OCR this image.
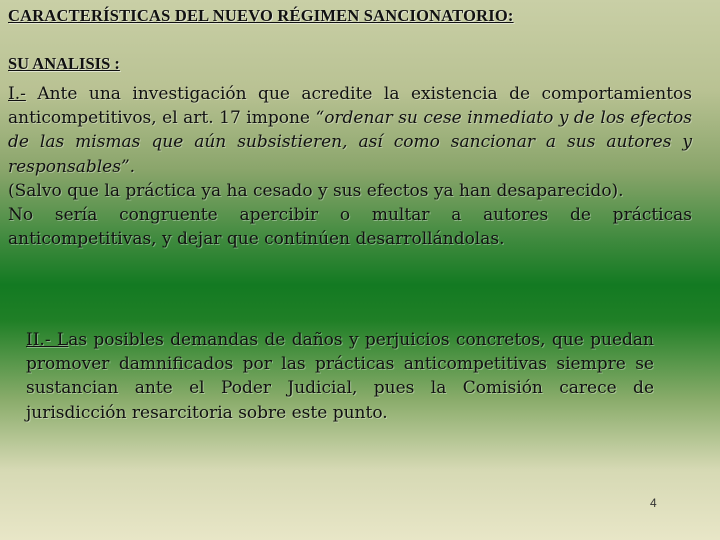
CARACTERÍSTICAS DEL NUEVO RÉGIMEN SANCIONATORIO:
SU ANALISIS :

I.- Ante una investigación que acredite la existencia de comportamientos anticompetitivos, el art. 17 impone “ordenar su cese inmediato y de los efectos de las mismas que aún subsistieren, así como sancionar a sus autores y responsables”.

(Salvo que la práctica ya ha cesado y sus efectos ya han desaparecido).

No sería congruente apercibir o multar a autores de prácticas anticompetitivas, y dejar que continúen desarrollándolas.

II.- Las posibles demandas de daños y perjuicios concretos, que puedan promover damnificados por las prácticas anticompetitivas siempre se sustancian ante el Poder Judicial, pues la Comisión carece de jurisdicción resarcitoria sobre este punto.

4
